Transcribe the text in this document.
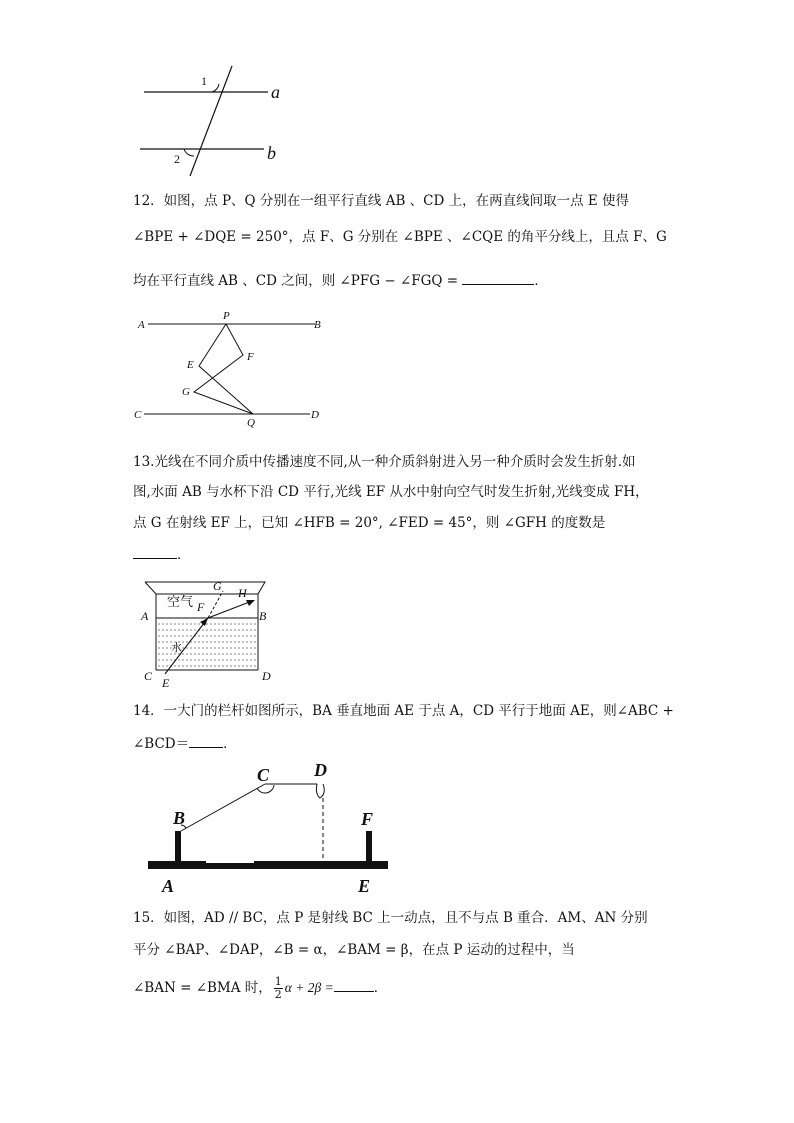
1
2
a
b
12．如图，点 P、Q 分别在一组平行直线 AB 、CD 上，在两直线间取一点 E 使得
∠BPE + ∠DQE = 250°，点 F、G 分别在 ∠BPE 、∠CQE 的角平分线上，且点 F、G
均在平行直线 AB 、CD 之间，则 ∠PFG − ∠FGQ =	．
A	B
C	D
P
Q
E
F
G
13.光线在不同介质中传播速度不同,从一种介质斜射进入另一种介质时会发生折射.如
图,水面 AB 与水杯下沿 CD 平行,光线 EF 从水中射向空气时发生折射,光线变成 FH，
点 G 在射线 EF 上，已知 ∠HFB = 20°, ∠FED = 45°，则 ∠GFH 的度数是
．
空气
水
A	B
C	D
E
F
G H
14．一大门的栏杆如图所示，BA 垂直地面 AE 于点 A，CD 平行于地面 AE，则∠ABC +
∠BCD＝	．
A
B
C D
E
F
15．如图，AD // BC，点 P 是射线 BC 上一动点，且不与点 B 重合．AM、AN 分别
平分 ∠BAP、∠DAP，∠B = α，∠BAM = β，在点 P 运动的过程中，当
∠BAN = ∠BMA 时， $\frac{1}{2}$ α + 2β =	．
